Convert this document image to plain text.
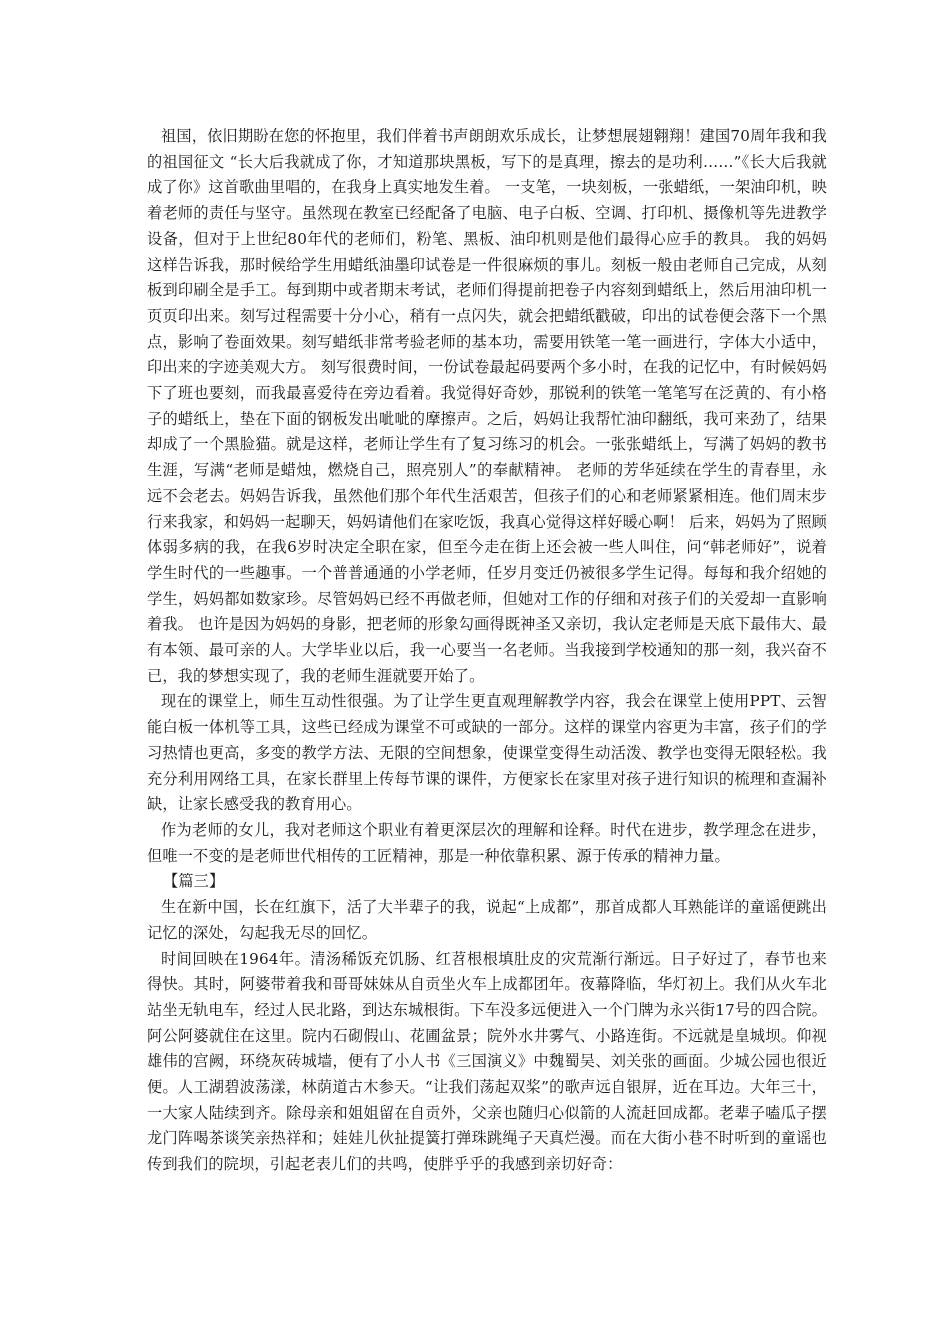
祖国，依旧期盼在您的怀抱里，我们伴着书声朗朗欢乐成长，让梦想展翅翱翔！建国70周年我和我的祖国征文 “长大后我就成了你，才知道那块黑板，写下的是真理，擦去的是功利……”《长大后我就成了你》这首歌曲里唱的，在我身上真实地发生着。 一支笔，一块刻板，一张蜡纸，一架油印机，映着老师的责任与坚守。虽然现在教室已经配备了电脑、电子白板、空调、打印机、摄像机等先进教学设备，但对于上世纪80年代的老师们，粉笔、黑板、油印机则是他们最得心应手的教具。 我的妈妈这样告诉我，那时候给学生用蜡纸油墨印试卷是一件很麻烦的事儿。刻板一般由老师自己完成，从刻板到印刷全是手工。每到期中或者期末考试，老师们得提前把卷子内容刻到蜡纸上，然后用油印机一页页印出来。刻写过程需要十分小心，稍有一点闪失，就会把蜡纸戳破，印出的试卷便会落下一个黑点，影响了卷面效果。刻写蜡纸非常考验老师的基本功，需要用铁笔一笔一画进行，字体大小适中，印出来的字迹美观大方。 刻写很费时间，一份试卷最起码要两个多小时，在我的记忆中，有时候妈妈下了班也要刻，而我最喜爱待在旁边看着。我觉得好奇妙，那锐利的铁笔一笔笔写在泛黄的、有小格子的蜡纸上，垫在下面的钢板发出呲呲的摩擦声。之后，妈妈让我帮忙油印翻纸，我可来劲了，结果却成了一个黑脸猫。就是这样，老师让学生有了复习练习的机会。一张张蜡纸上，写满了妈妈的教书生涯，写满“老师是蜡烛，燃烧自己，照亮别人”的奉献精神。 老师的芳华延续在学生的青春里，永远不会老去。妈妈告诉我，虽然他们那个年代生活艰苦，但孩子们的心和老师紧紧相连。他们周末步行来我家，和妈妈一起聊天，妈妈请他们在家吃饭，我真心觉得这样好暖心啊！ 后来，妈妈为了照顾体弱多病的我，在我6岁时决定全职在家，但至今走在街上还会被一些人叫住，问“韩老师好”，说着学生时代的一些趣事。一个普普通通的小学老师，任岁月变迁仍被很多学生记得。每每和我介绍她的学生，妈妈都如数家珍。尽管妈妈已经不再做老师，但她对工作的仔细和对孩子们的关爱却一直影响着我。 也许是因为妈妈的身影，把老师的形象勾画得既神圣又亲切，我认定老师是天底下最伟大、最有本领、最可亲的人。大学毕业以后，我一心要当一名老师。当我接到学校通知的那一刻，我兴奋不已，我的梦想实现了，我的老师生涯就要开始了。

现在的课堂上，师生互动性很强。为了让学生更直观理解教学内容，我会在课堂上使用PPT、云智能白板一体机等工具，这些已经成为课堂不可或缺的一部分。这样的课堂内容更为丰富，孩子们的学习热情也更高，多变的教学方法、无限的空间想象，使课堂变得生动活泼、教学也变得无限轻松。我充分利用网络工具，在家长群里上传每节课的课件，方便家长在家里对孩子进行知识的梳理和查漏补缺，让家长感受我的教育用心。

作为老师的女儿，我对老师这个职业有着更深层次的理解和诠释。时代在进步，教学理念在进步，但唯一不变的是老师世代相传的工匠精神，那是一种依靠积累、源于传承的精神力量。

【篇三】

生在新中国，长在红旗下，活了大半辈子的我，说起“上成都”，那首成都人耳熟能详的童谣便跳出记忆的深处，勾起我无尽的回忆。

时间回映在1964年。清汤稀饭充饥肠、红苕根根填肚皮的灾荒渐行渐远。日子好过了，春节也来得快。其时，阿婆带着我和哥哥妹妹从自贡坐火车上成都团年。夜幕降临，华灯初上。我们从火车北站坐无轨电车，经过人民北路，到达东城根街。下车没多远便进入一个门牌为永兴街17号的四合院。阿公阿婆就住在这里。院内石砌假山、花圃盆景；院外水井雾气、小路连街。不远就是皇城坝。仰视雄伟的宫阙，环绕灰砖城墙，便有了小人书《三国演义》中魏蜀吴、刘关张的画面。少城公园也很近便。人工湖碧波荡漾，林荫道古木参天。“让我们荡起双桨”的歌声远自银屏，近在耳边。大年三十，一大家人陆续到齐。除母亲和姐姐留在自贡外，父亲也随归心似箭的人流赶回成都。老辈子嗑瓜子摆龙门阵喝茶谈笑亲热祥和；娃娃儿伙扯提簧打弹珠跳绳子天真烂漫。而在大街小巷不时听到的童谣也传到我们的院坝，引起老表儿们的共鸣，使胖乎乎的我感到亲切好奇：
